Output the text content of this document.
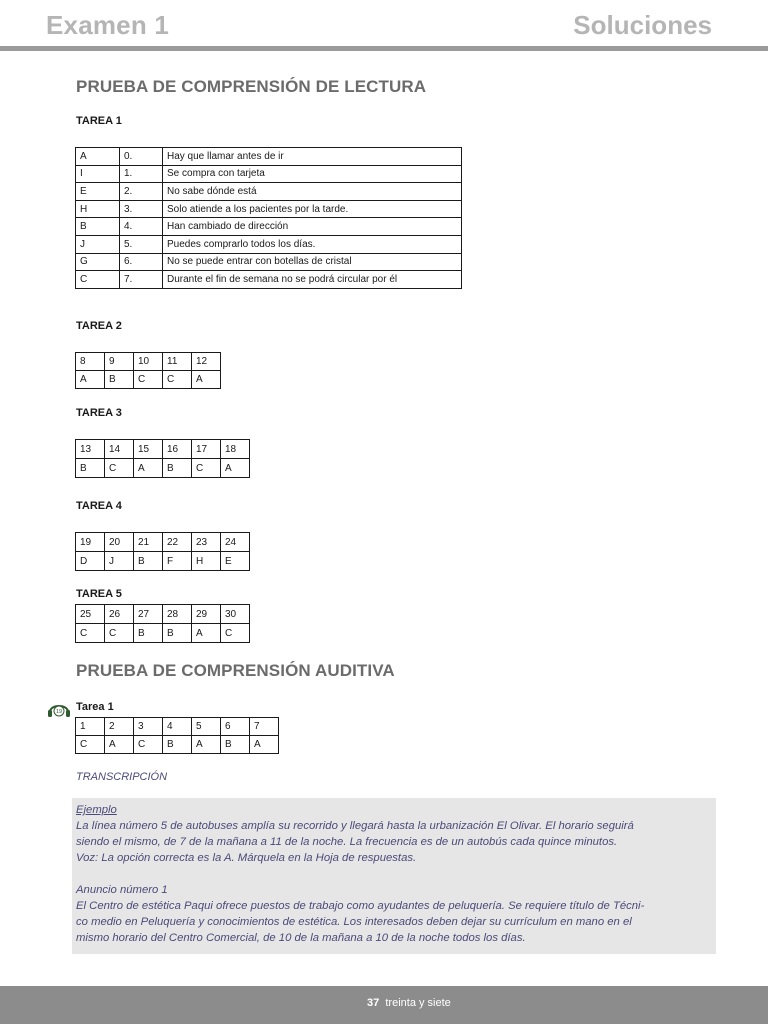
Examen 1	Soluciones
PRUEBA DE COMPRENSIÓN DE LECTURA
TAREA 1
A	0.	Hay que llamar antes de ir
I	1.	Se compra con tarjeta
E	2.	No sabe dónde está
H	3.	Solo atiende a los pacientes por la tarde.
B	4.	Han cambiado de dirección
J	5.	Puedes comprarlo todos los días.
G	6.	No se puede entrar con botellas de cristal
C	7.	Durante el fin de semana no se podrá circular por él
TAREA 2
8	9	10	11	12
A	B	C	C	A
TAREA 3
13	14	15	16	17	18
B	C	A	B	C	A
TAREA 4
19	20	21	22	23	24
D	J	B	F	H	E
TAREA 5
25	26	27	28	29	30
C	C	B	B	A	C
PRUEBA DE COMPRENSIÓN AUDITIVA
19 Tarea 1
1	2	3	4	5	6	7
C	A	C	B	A	B	A
TRANSCRIPCIÓN
Ejemplo
La línea número 5 de autobuses amplía su recorrido y llegará hasta la urbanización El Olivar. El horario seguirá
siendo el mismo, de 7 de la mañana a 11 de la noche. La frecuencia es de un autobús cada quince minutos.
Voz: La opción correcta es la A. Márquela en la Hoja de respuestas.
Anuncio número 1
El Centro de estética Paqui ofrece puestos de trabajo como ayudantes de peluquería. Se requiere título de Técni-
co medio en Peluquería y conocimientos de estética. Los interesados deben dejar su currículum en mano en el
mismo horario del Centro Comercial, de 10 de la mañana a 10 de la noche todos los días.
37 treinta y siete
